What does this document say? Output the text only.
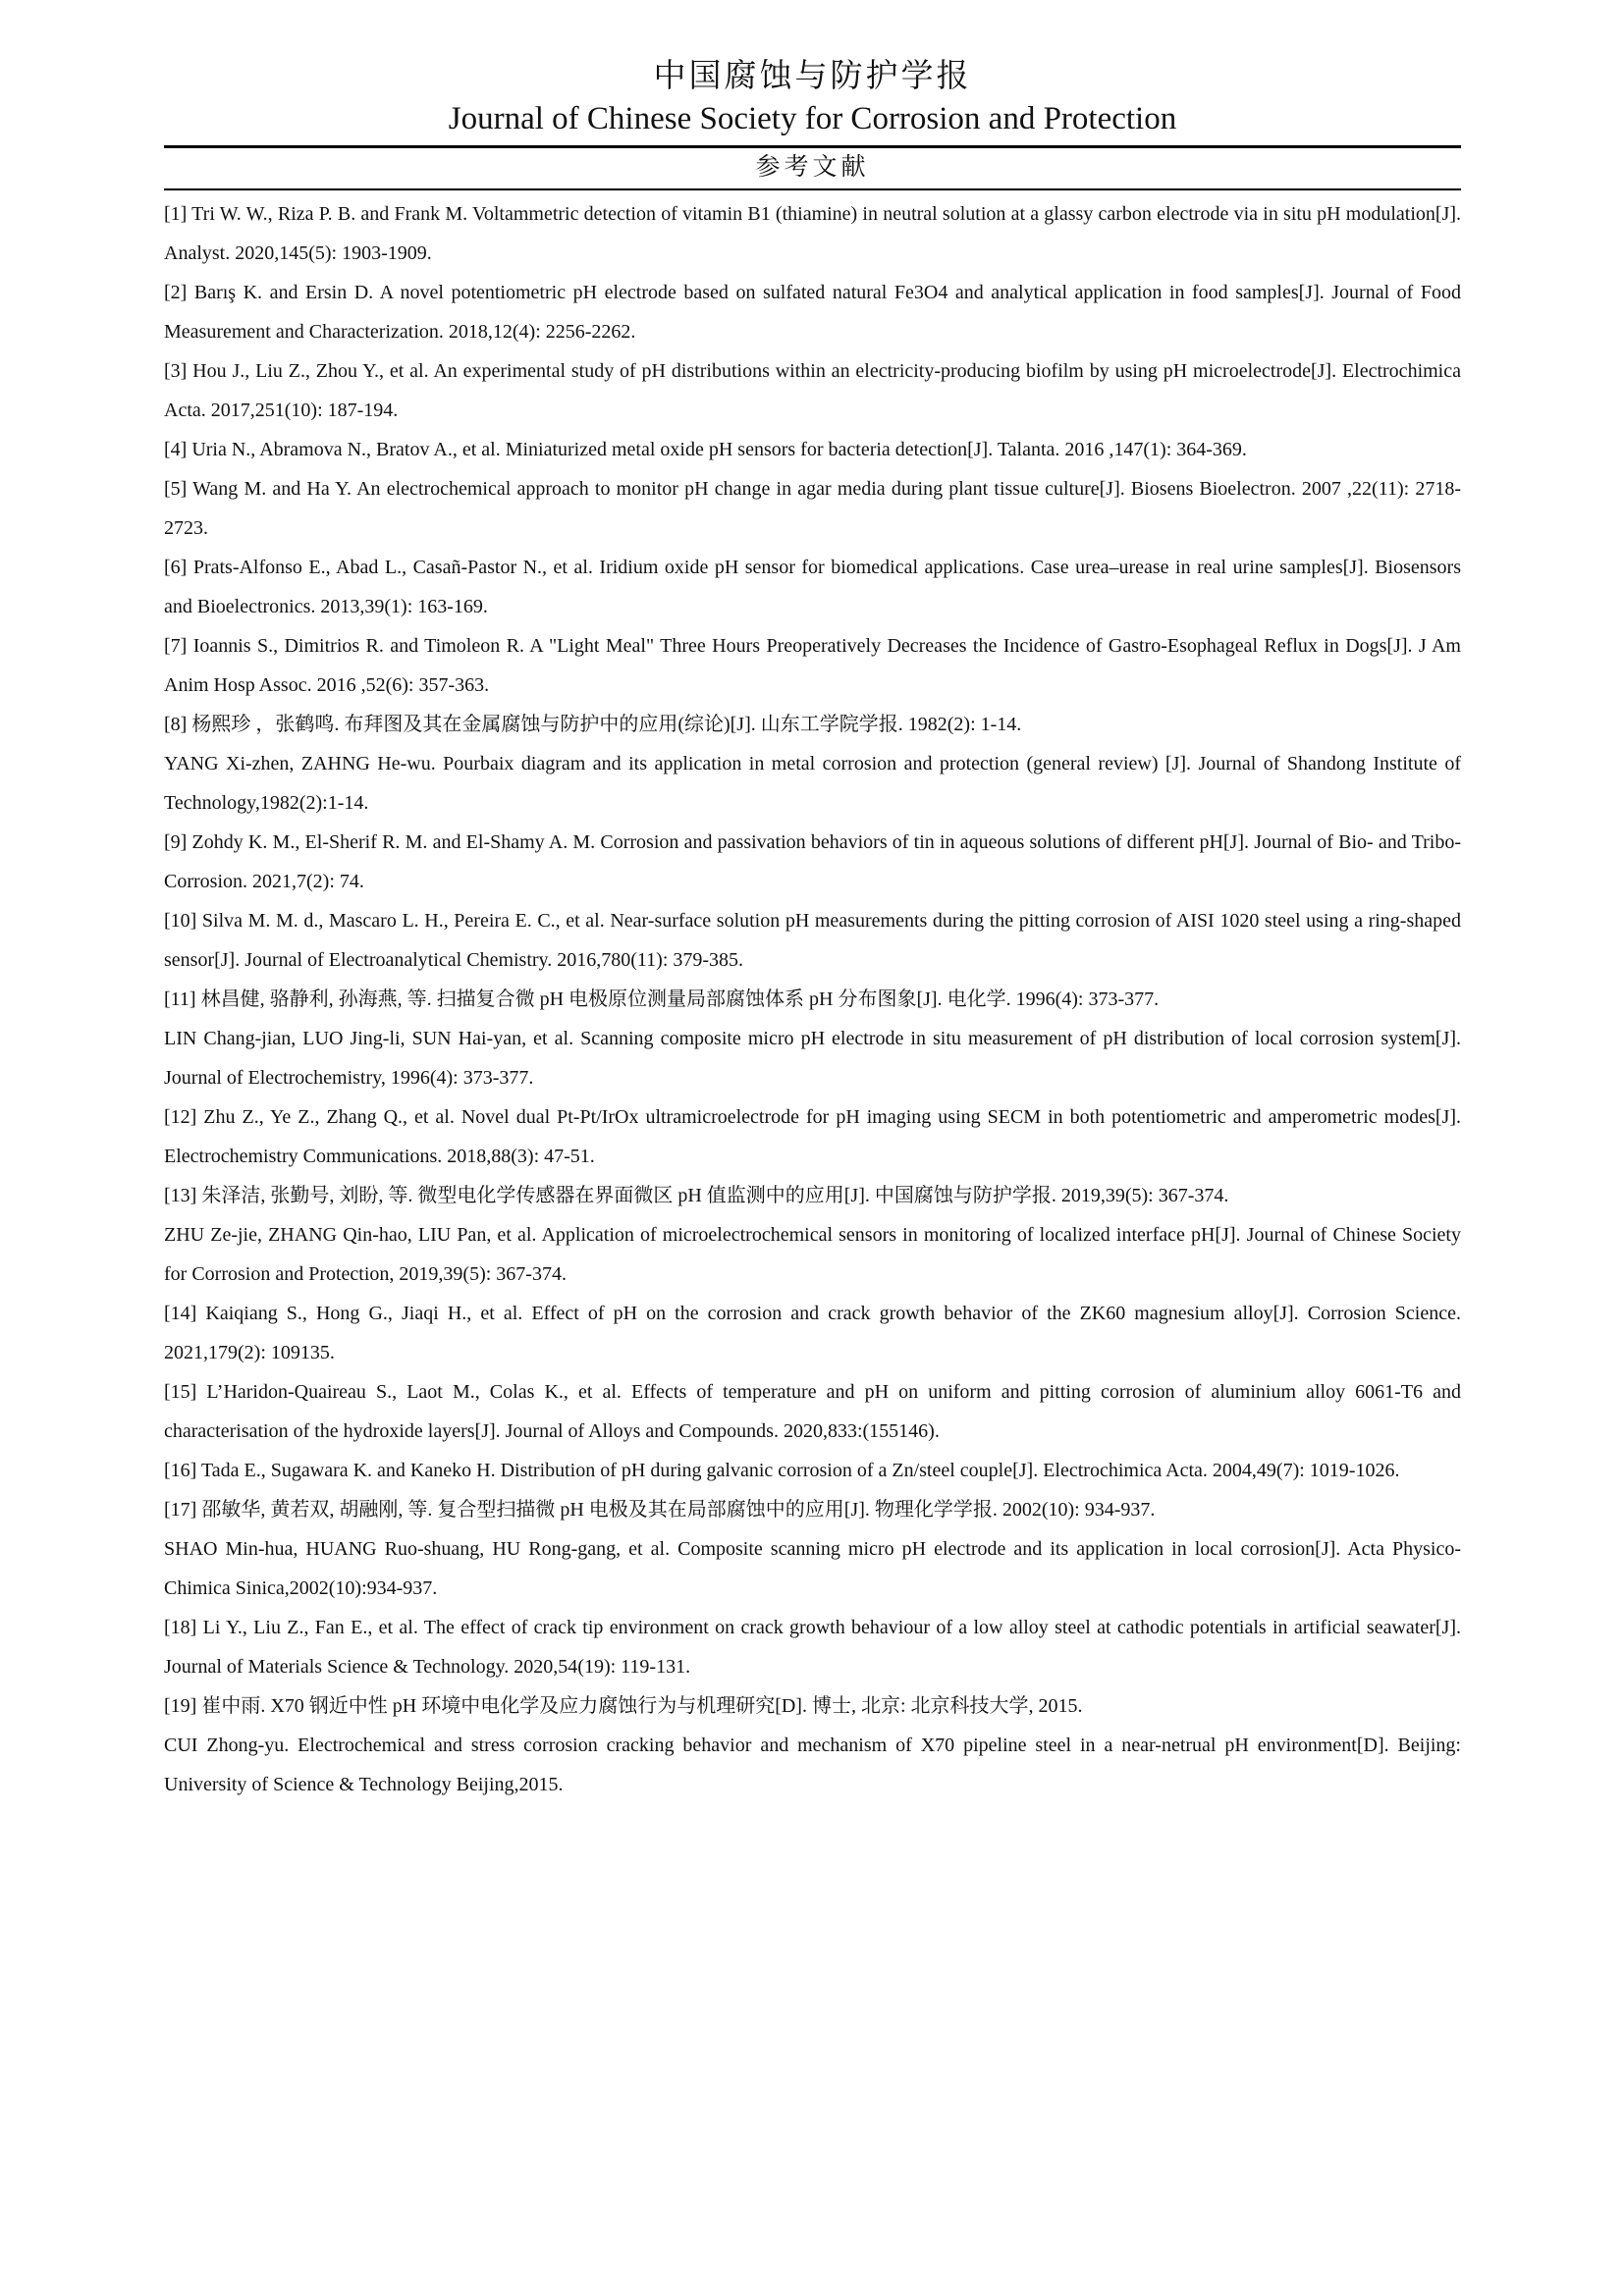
中国腐蚀与防护学报
Journal of Chinese Society for Corrosion and Protection
参考文献

[1] Tri W. W., Riza P. B. and Frank M. Voltammetric detection of vitamin B1 (thiamine) in neutral solution at a glassy carbon electrode via in situ pH modulation[J]. Analyst. 2020,145(5): 1903-1909.

[2] Barış K. and Ersin D. A novel potentiometric pH electrode based on sulfated natural Fe3O4 and analytical application in food samples[J]. Journal of Food Measurement and Characterization. 2018,12(4): 2256-2262.

[3] Hou J., Liu Z., Zhou Y., et al. An experimental study of pH distributions within an electricity-producing biofilm by using pH microelectrode[J]. Electrochimica Acta. 2017,251(10): 187-194.

[4] Uria N., Abramova N., Bratov A., et al. Miniaturized metal oxide pH sensors for bacteria detection[J]. Talanta. 2016 ,147(1): 364-369.

[5] Wang M. and Ha Y. An electrochemical approach to monitor pH change in agar media during plant tissue culture[J]. Biosens Bioelectron. 2007 ,22(11): 2718-2723.

[6] Prats-Alfonso E., Abad L., Casañ-Pastor N., et al. Iridium oxide pH sensor for biomedical applications. Case urea–urease in real urine samples[J]. Biosensors and Bioelectronics. 2013,39(1): 163-169.

[7] Ioannis S., Dimitrios R. and Timoleon R. A "Light Meal" Three Hours Preoperatively Decreases the Incidence of Gastro-Esophageal Reflux in Dogs[J]. J Am Anim Hosp Assoc. 2016 ,52(6): 357-363.

[8] 杨熙珍 ，张鹤鸣. 布拜图及其在金属腐蚀与防护中的应用(综论)[J]. 山东工学院学报. 1982(2): 1-14.

YANG Xi-zhen, ZAHNG He-wu. Pourbaix diagram and its application in metal corrosion and protection (general review) [J]. Journal of Shandong Institute of Technology,1982(2):1-14.

[9] Zohdy K. M., El-Sherif R. M. and El-Shamy A. M. Corrosion and passivation behaviors of tin in aqueous solutions of different pH[J]. Journal of Bio- and Tribo-Corrosion. 2021,7(2): 74.

[10] Silva M. M. d., Mascaro L. H., Pereira E. C., et al. Near-surface solution pH measurements during the pitting corrosion of AISI 1020 steel using a ring-shaped sensor[J]. Journal of Electroanalytical Chemistry. 2016,780(11): 379-385.

[11] 林昌健, 骆静利, 孙海燕, 等. 扫描复合微 pH 电极原位测量局部腐蚀体系 pH 分布图象[J]. 电化学. 1996(4): 373-377.

LIN Chang-jian, LUO Jing-li, SUN Hai-yan, et al. Scanning composite micro pH electrode in situ measurement of pH distribution of local corrosion system[J]. Journal of Electrochemistry, 1996(4): 373-377.

[12] Zhu Z., Ye Z., Zhang Q., et al. Novel dual Pt-Pt/IrOx ultramicroelectrode for pH imaging using SECM in both potentiometric and amperometric modes[J]. Electrochemistry Communications. 2018,88(3): 47-51.

[13] 朱泽洁, 张勤号, 刘盼, 等. 微型电化学传感器在界面微区 pH 值监测中的应用[J]. 中国腐蚀与防护学报. 2019,39(5): 367-374.

ZHU Ze-jie, ZHANG Qin-hao, LIU Pan, et al. Application of microelectrochemical sensors in monitoring of localized interface pH[J]. Journal of Chinese Society for Corrosion and Protection, 2019,39(5): 367-374.

[14] Kaiqiang S., Hong G., Jiaqi H., et al. Effect of pH on the corrosion and crack growth behavior of the ZK60 magnesium alloy[J]. Corrosion Science. 2021,179(2): 109135.

[15] L’Haridon-Quaireau S., Laot M., Colas K., et al. Effects of temperature and pH on uniform and pitting corrosion of aluminium alloy 6061-T6 and characterisation of the hydroxide layers[J]. Journal of Alloys and Compounds. 2020,833:(155146).

[16] Tada E., Sugawara K. and Kaneko H. Distribution of pH during galvanic corrosion of a Zn/steel couple[J]. Electrochimica Acta. 2004,49(7): 1019-1026.

[17] 邵敏华, 黄若双, 胡融刚, 等. 复合型扫描微 pH 电极及其在局部腐蚀中的应用[J]. 物理化学学报. 2002(10): 934-937.

SHAO Min-hua, HUANG Ruo-shuang, HU Rong-gang, et al. Composite scanning micro pH electrode and its application in local corrosion[J]. Acta Physico-Chimica Sinica,2002(10):934-937.

[18] Li Y., Liu Z., Fan E., et al. The effect of crack tip environment on crack growth behaviour of a low alloy steel at cathodic potentials in artificial seawater[J]. Journal of Materials Science & Technology. 2020,54(19): 119-131.

[19] 崔中雨. X70 钢近中性 pH 环境中电化学及应力腐蚀行为与机理研究[D]. 博士, 北京: 北京科技大学, 2015.

CUI Zhong-yu. Electrochemical and stress corrosion cracking behavior and mechanism of X70 pipeline steel in a near-netrual pH environment[D]. Beijing: University of Science & Technology Beijing,2015.
